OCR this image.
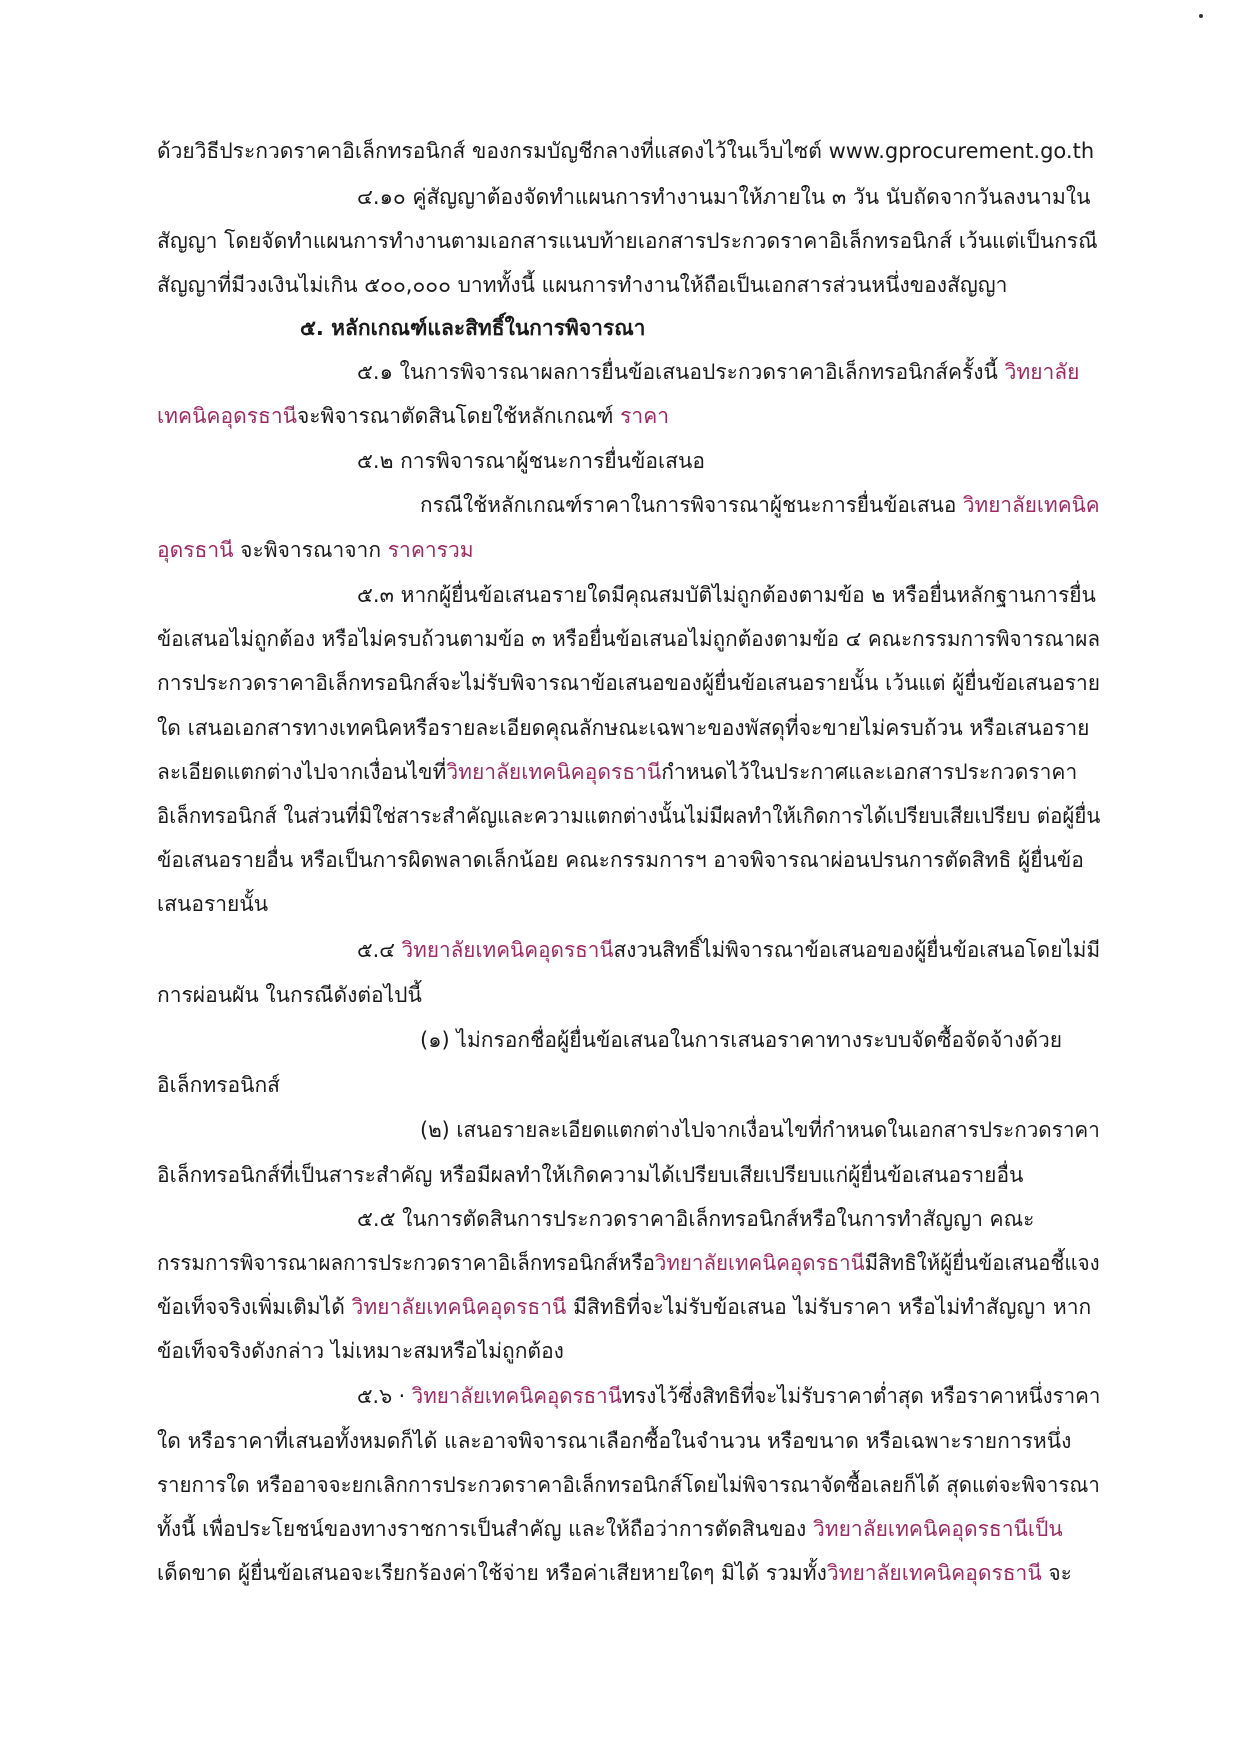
ด้วยวิธีประกวดราคาอิเล็กทรอนิกส์ ของกรมบัญชีกลางที่แสดงไว้ในเว็บไซต์ www.gprocurement.go.th
๔.๑๐ คู่สัญญาต้องจัดทำแผนการทำงานมาให้ภายใน ๓ วัน นับถัดจากวันลงนามใน
สัญญา โดยจัดทำแผนการทำงานตามเอกสารแนบท้ายเอกสารประกวดราคาอิเล็กทรอนิกส์ เว้นแต่เป็นกรณี
สัญญาที่มีวงเงินไม่เกิน ๕๐๐,๐๐๐ บาททั้งนี้ แผนการทำงานให้ถือเป็นเอกสารส่วนหนึ่งของสัญญา
๕. หลักเกณฑ์และสิทธิ์ในการพิจารณา
๕.๑ ในการพิจารณาผลการยื่นข้อเสนอประกวดราคาอิเล็กทรอนิกส์ครั้งนี้ วิทยาลัย
เทคนิคอุดรธานีจะพิจารณาตัดสินโดยใช้หลักเกณฑ์ ราคา
๕.๒ การพิจารณาผู้ชนะการยื่นข้อเสนอ
กรณีใช้หลักเกณฑ์ราคาในการพิจารณาผู้ชนะการยื่นข้อเสนอ วิทยาลัยเทคนิค
อุดรธานี จะพิจารณาจาก ราคารวม
๕.๓ หากผู้ยื่นข้อเสนอรายใดมีคุณสมบัติไม่ถูกต้องตามข้อ ๒ หรือยื่นหลักฐานการยื่น
ข้อเสนอไม่ถูกต้อง หรือไม่ครบถ้วนตามข้อ ๓ หรือยื่นข้อเสนอไม่ถูกต้องตามข้อ ๔ คณะกรรมการพิจารณาผล
การประกวดราคาอิเล็กทรอนิกส์จะไม่รับพิจารณาข้อเสนอของผู้ยื่นข้อเสนอรายนั้น เว้นแต่ ผู้ยื่นข้อเสนอราย
ใด เสนอเอกสารทางเทคนิคหรือรายละเอียดคุณลักษณะเฉพาะของพัสดุที่จะขายไม่ครบถ้วน หรือเสนอราย
ละเอียดแตกต่างไปจากเงื่อนไขที่วิทยาลัยเทคนิคอุดรธานีกำหนดไว้ในประกาศและเอกสารประกวดราคา
อิเล็กทรอนิกส์ ในส่วนที่มิใช่สาระสำคัญและความแตกต่างนั้นไม่มีผลทำให้เกิดการได้เปรียบเสียเปรียบ ต่อผู้ยื่น
ข้อเสนอรายอื่น หรือเป็นการผิดพลาดเล็กน้อย คณะกรรมการฯ อาจพิจารณาผ่อนปรนการตัดสิทธิ ผู้ยื่นข้อ
เสนอรายนั้น
๕.๔ วิทยาลัยเทคนิคอุดรธานีสงวนสิทธิ์ไม่พิจารณาข้อเสนอของผู้ยื่นข้อเสนอโดยไม่มี
การผ่อนผัน ในกรณีดังต่อไปนี้
(๑) ไม่กรอกชื่อผู้ยื่นข้อเสนอในการเสนอราคาทางระบบจัดซื้อจัดจ้างด้วย
อิเล็กทรอนิกส์
(๒) เสนอรายละเอียดแตกต่างไปจากเงื่อนไขที่กำหนดในเอกสารประกวดราคา
อิเล็กทรอนิกส์ที่เป็นสาระสำคัญ หรือมีผลทำให้เกิดความได้เปรียบเสียเปรียบแก่ผู้ยื่นข้อเสนอรายอื่น
๕.๕ ในการตัดสินการประกวดราคาอิเล็กทรอนิกส์หรือในการทำสัญญา คณะ
กรรมการพิจารณาผลการประกวดราคาอิเล็กทรอนิกส์หรือวิทยาลัยเทคนิคอุดรธานีมีสิทธิให้ผู้ยื่นข้อเสนอชี้แจง
ข้อเท็จจริงเพิ่มเติมได้ วิทยาลัยเทคนิคอุดรธานี มีสิทธิที่จะไม่รับข้อเสนอ ไม่รับราคา หรือไม่ทำสัญญา หาก
ข้อเท็จจริงดังกล่าว ไม่เหมาะสมหรือไม่ถูกต้อง
๕.๖ · วิทยาลัยเทคนิคอุดรธานีทรงไว้ซึ่งสิทธิที่จะไม่รับราคาต่ำสุด หรือราคาหนึ่งราคา
ใด หรือราคาที่เสนอทั้งหมดก็ได้ และอาจพิจารณาเลือกซื้อในจำนวน หรือขนาด หรือเฉพาะรายการหนึ่ง
รายการใด หรืออาจจะยกเลิกการประกวดราคาอิเล็กทรอนิกส์โดยไม่พิจารณาจัดซื้อเลยก็ได้ สุดแต่จะพิจารณา
ทั้งนี้ เพื่อประโยชน์ของทางราชการเป็นสำคัญ และให้ถือว่าการตัดสินของ วิทยาลัยเทคนิคอุดรธานีเป็น
เด็ดขาด ผู้ยื่นข้อเสนอจะเรียกร้องค่าใช้จ่าย หรือค่าเสียหายใดๆ มิได้ รวมทั้งวิทยาลัยเทคนิคอุดรธานี จะ
